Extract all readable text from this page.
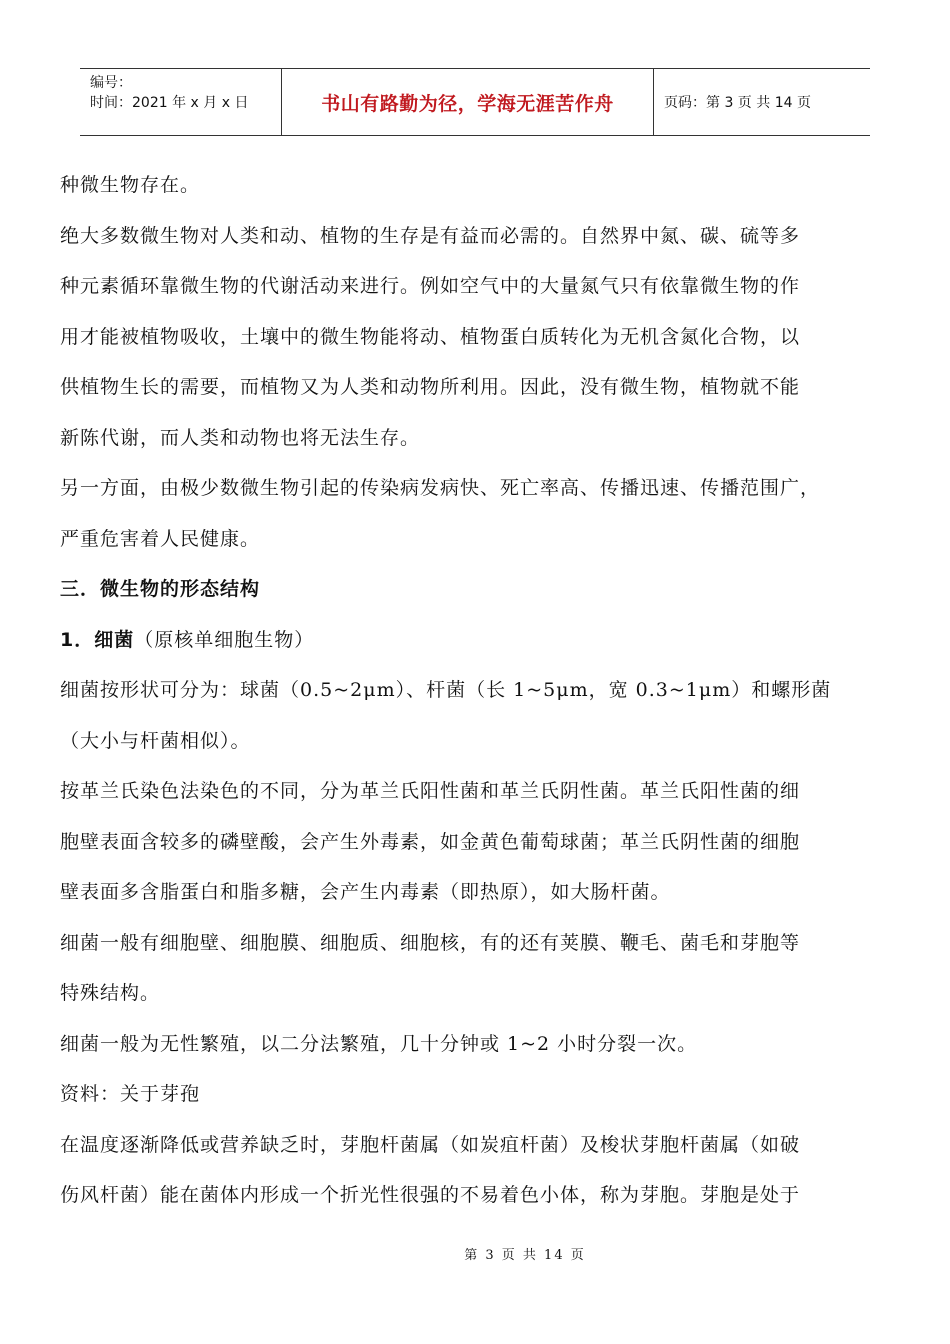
编号：
时间：2021 年 x 月 x 日	书山有路勤为径，学海无涯苦作舟	页码：第 3 页 共 14 页

种微生物存在。

绝大多数微生物对人类和动、植物的生存是有益而必需的。自然界中氮、碳、硫等多

种元素循环靠微生物的代谢活动来进行。例如空气中的大量氮气只有依靠微生物的作

用才能被植物吸收，土壤中的微生物能将动、植物蛋白质转化为无机含氮化合物，以

供植物生长的需要，而植物又为人类和动物所利用。因此，没有微生物，植物就不能

新陈代谢，而人类和动物也将无法生存。

另一方面，由极少数微生物引起的传染病发病快、死亡率高、传播迅速、传播范围广，

严重危害着人民健康。

三．微生物的形态结构

1．细菌（原核单细胞生物）

细菌按形状可分为：球菌（0.5~2μm）、杆菌（长 1~5μm，宽 0.3~1μm）和螺形菌

（大小与杆菌相似）。

按革兰氏染色法染色的不同，分为革兰氏阳性菌和革兰氏阴性菌。革兰氏阳性菌的细

胞壁表面含较多的磷壁酸，会产生外毒素，如金黄色葡萄球菌；革兰氏阴性菌的细胞

壁表面多含脂蛋白和脂多糖，会产生内毒素（即热原），如大肠杆菌。

细菌一般有细胞壁、细胞膜、细胞质、细胞核，有的还有荚膜、鞭毛、菌毛和芽胞等

特殊结构。

细菌一般为无性繁殖，以二分法繁殖，几十分钟或 1~2 小时分裂一次。

资料：关于芽孢

在温度逐渐降低或营养缺乏时，芽胞杆菌属（如炭疽杆菌）及梭状芽胞杆菌属（如破

伤风杆菌）能在菌体内形成一个折光性很强的不易着色小体，称为芽胞。芽胞是处于

第 3 页 共 14 页
